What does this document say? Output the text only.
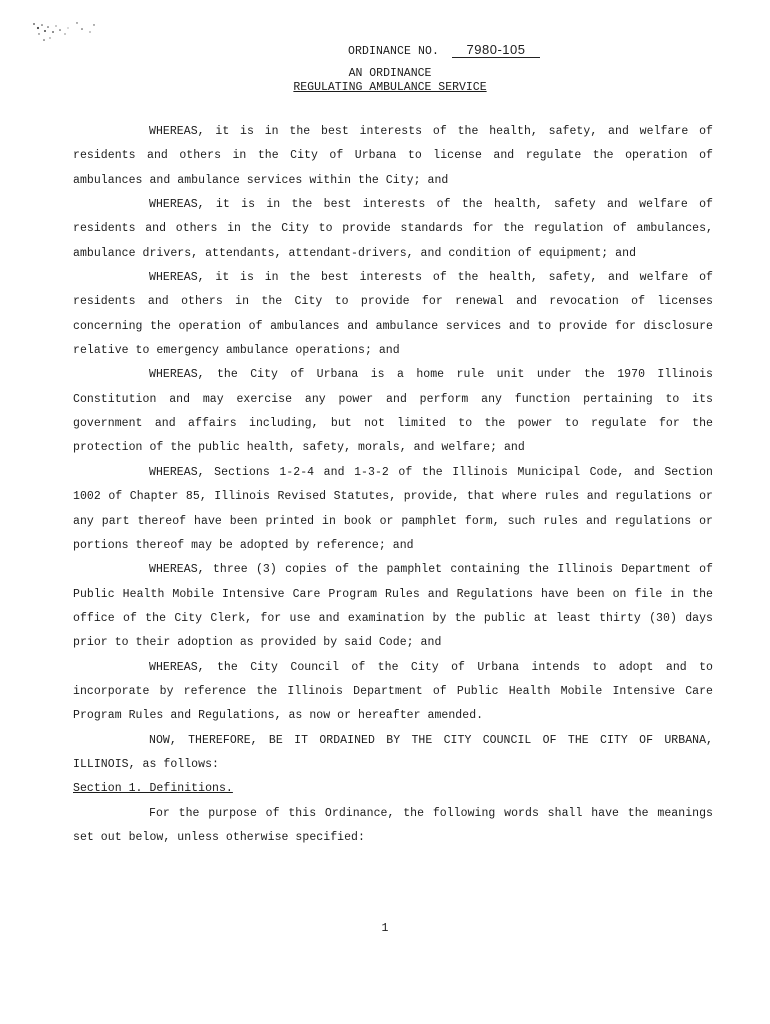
ORDINANCE NO. 7980-105
AN ORDINANCE
REGULATING AMBULANCE SERVICE

WHEREAS, it is in the best interests of the health, safety, and welfare of residents and others in the City of Urbana to license and regulate the operation of ambulances and ambulance services within the City; and

WHEREAS, it is in the best interests of the health, safety and welfare of residents and others in the City to provide standards for the regulation of ambulances, ambulance drivers, attendants, attendant-drivers, and condition of equipment; and

WHEREAS, it is in the best interests of the health, safety, and welfare of residents and others in the City to provide for renewal and revocation of licenses concerning the operation of ambulances and ambulance services and to provide for disclosure relative to emergency ambulance operations; and

WHEREAS, the City of Urbana is a home rule unit under the 1970 Illinois Constitution and may exercise any power and perform any function pertaining to its government and affairs including, but not limited to the power to regulate for the protection of the public health, safety, morals, and welfare; and

WHEREAS, Sections 1-2-4 and 1-3-2 of the Illinois Municipal Code, and Section 1002 of Chapter 85, Illinois Revised Statutes, provide, that where rules and regulations or any part thereof have been printed in book or pamphlet form, such rules and regulations or portions thereof may be adopted by reference; and

WHEREAS, three (3) copies of the pamphlet containing the Illinois Department of Public Health Mobile Intensive Care Program Rules and Regulations have been on file in the office of the City Clerk, for use and examination by the public at least thirty (30) days prior to their adoption as provided by said Code; and

WHEREAS, the City Council of the City of Urbana intends to adopt and to incorporate by reference the Illinois Department of Public Health Mobile Intensive Care Program Rules and Regulations, as now or hereafter amended.

NOW, THEREFORE, BE IT ORDAINED BY THE CITY COUNCIL OF THE CITY OF URBANA, ILLINOIS, as follows:

Section 1. Definitions.

For the purpose of this Ordinance, the following words shall have the meanings set out below, unless otherwise specified:

1
